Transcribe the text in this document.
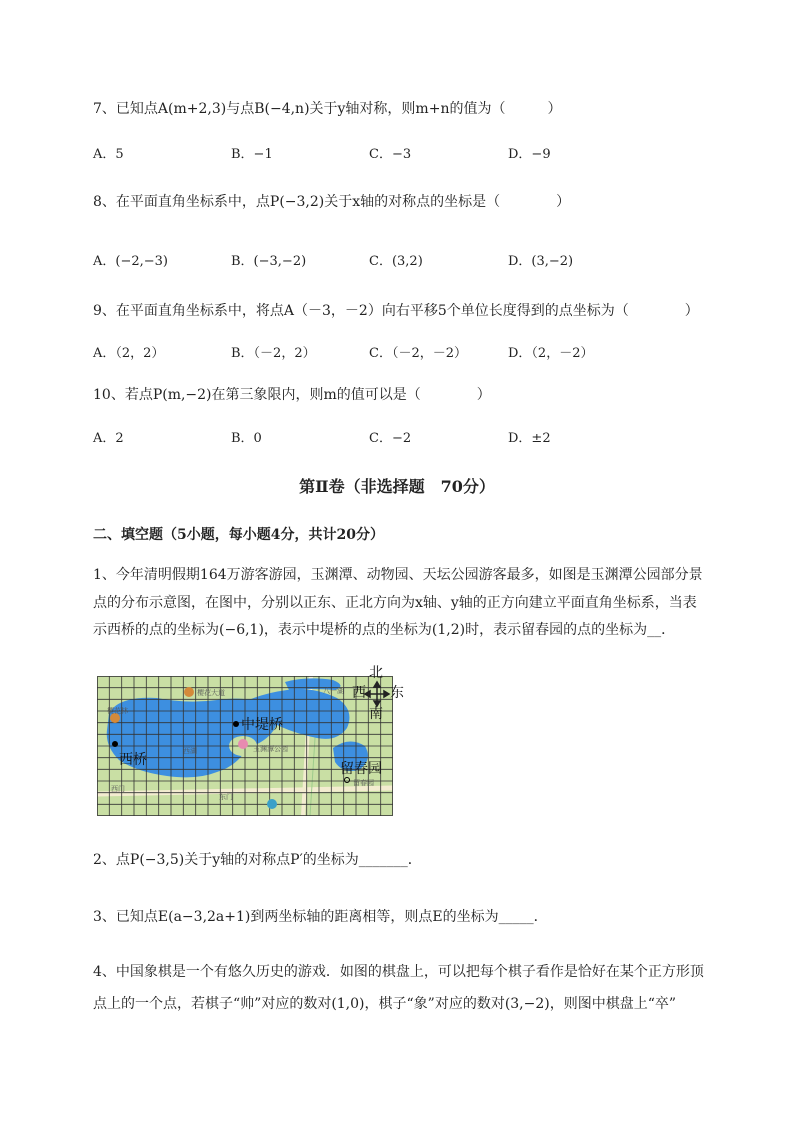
7、已知点A(m+2,3)与点B(−4,n)关于y轴对称，则m+n的值为（　　　）
A．5	B．−1	C．−3	D．−9
8、在平面直角坐标系中，点P(−3,2)关于x轴的对称点的坐标是（　　　　）
A．(−2,−3)	B．(−3,−2)	C．(3,2)	D．(3,−2)
9、在平面直角坐标系中，将点A（－3，－2）向右平移5个单位长度得到的点坐标为（　　　　）
A．（2，2）	B．（－2，2）	C．（－2，－2）	D．（2，－2）
10、若点P(m,−2)在第三象限内，则m的值可以是（　　　　）
A．2	B．0	C．−2	D．±2
第Ⅱ卷（非选择题　70分）
二、填空题（5小题，每小题4分，共计20分）
1、今年清明假期164万游客游园，玉渊潭、动物园、天坛公园游客最多，如图是玉渊潭公园部分景
点的分布示意图，在图中，分别以正东、正北方向为x轴、y轴的正方向建立平面直角坐标系，当表
示西桥的点的坐标为(−6,1)，表示中堤桥的点的坐标为(1,2)时，表示留春园的点的坐标为__．
西桥
中堤桥
留春园
樱花大道
樱花林
西湖	玉渊潭公园
八一湖
西门
东门
留春园
北
西 东
南
2、点P(−3,5)关于y轴的对称点P′的坐标为_______．
3、已知点E(a−3,2a+1)到两坐标轴的距离相等，则点E的坐标为_____．
4、中国象棋是一个有悠久历史的游戏．如图的棋盘上，可以把每个棋子看作是恰好在某个正方形顶
点上的一个点，若棋子“帅”对应的数对(1,0)，棋子“象”对应的数对(3,−2)，则图中棋盘上“卒”
